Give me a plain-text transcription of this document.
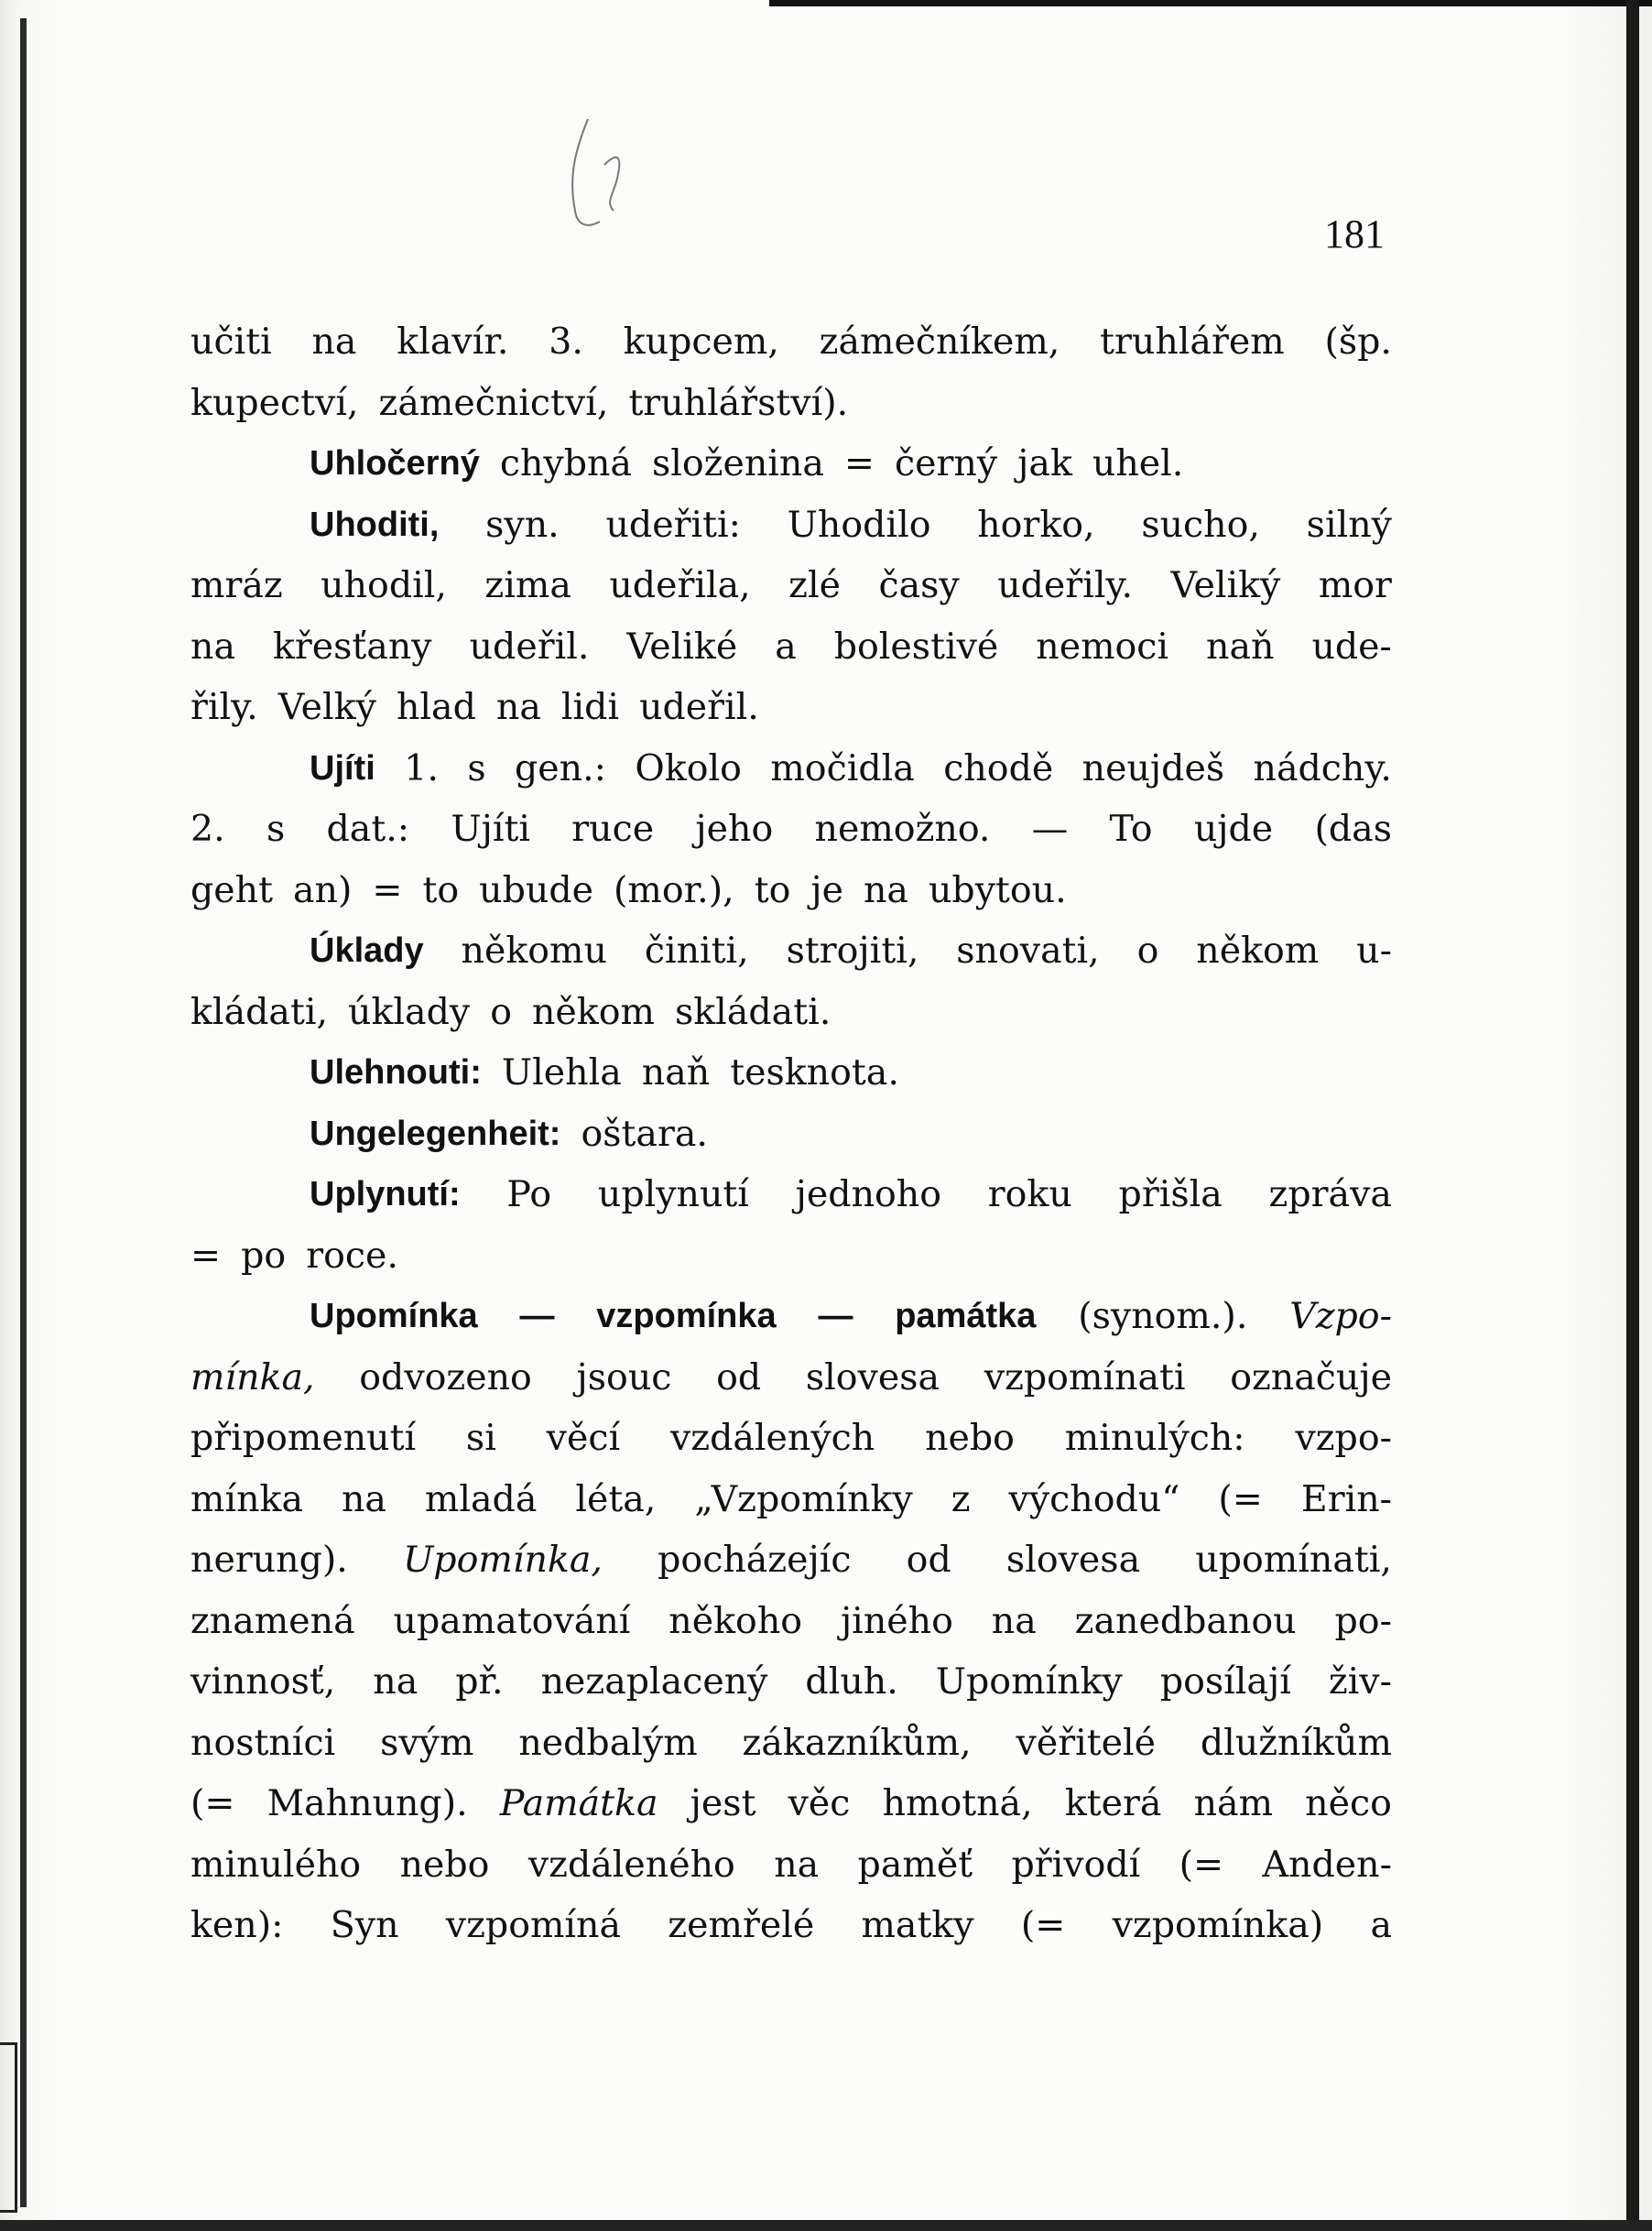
181
učiti na klavír. 3. kupcem, zámečníkem, truhlářem (šp.
kupectví, zámečnictví, truhlářství).
Uhločerný chybná složenina = černý jak uhel.
Uhoditi, syn. udeřiti: Uhodilo horko, sucho, silný
mráz uhodil, zima udeřila, zlé časy udeřily. Veliký mor
na křesťany udeřil. Veliké a bolestivé nemoci naň ude-
řily. Velký hlad na lidi udeřil.
Ujíti 1. s gen.: Okolo močidla chodě neujdeš nádchy.
2. s dat.: Ujíti ruce jeho nemožno. — To ujde (das
geht an) = to ubude (mor.), to je na ubytou.
Úklady někomu činiti, strojiti, snovati, o někom u-
kládati, úklady o někom skládati.
Ulehnouti: Ulehla naň tesknota.
Ungelegenheit: oštara.
Uplynutí: Po uplynutí jednoho roku přišla zpráva
= po roce.
Upomínka — vzpomínka — památka (synom.). Vzpo-
mínka, odvozeno jsouc od slovesa vzpomínati označuje
připomenutí si věcí vzdálených nebo minulých: vzpo-
mínka na mladá léta, „Vzpomínky z východu“ (= Erin-
nerung). Upomínka, pocházejíc od slovesa upomínati,
znamená upamatování někoho jiného na zanedbanou po-
vinnosť, na př. nezaplacený dluh. Upomínky posílají živ-
nostníci svým nedbalým zákazníkům, věřitelé dlužníkům
(= Mahnung). Památka jest věc hmotná, která nám něco
minulého nebo vzdáleného na paměť přivodí (= Anden-
ken): Syn vzpomíná zemřelé matky (= vzpomínka) a
